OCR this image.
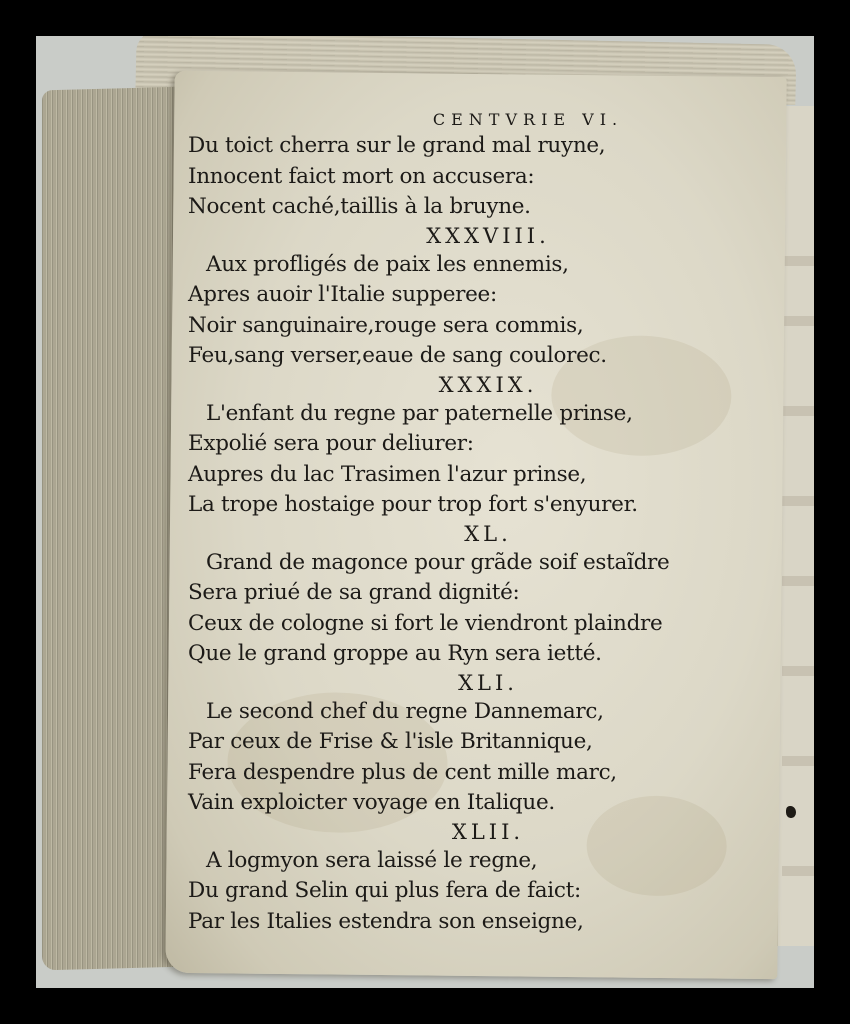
CENTVRIE VI.
Du toict cherra sur le grand mal ruyne,
Innocent faict mort on accusera:
Nocent caché,taillis à la bruyne.
XXXVIII.
Aux profligés de paix les ennemis,
Apres auoir l'Italie supperee:
Noir sanguinaire,rouge sera commis,
Feu,sang verser,eaue de sang coulorec.
XXXIX.
L'enfant du regne par paternelle prinse,
Expolié sera pour deliurer:
Aupres du lac Trasimen l'azur prinse,
La trope hostaige pour trop fort s'enyurer.
XL.
Grand de magonce pour grãde soif estaĩdre
Sera priué de sa grand dignité:
Ceux de cologne si fort le viendront plaindre
Que le grand groppe au Ryn sera ietté.
XLI.
Le second chef du regne Dannemarc,
Par ceux de Frise & l'isle Britannique,
Fera despendre plus de cent mille marc,
Vain exploicter voyage en Italique.
XLII.
A logmyon sera laissé le regne,
Du grand Selin qui plus fera de faict:
Par les Italies estendra son enseigne,
